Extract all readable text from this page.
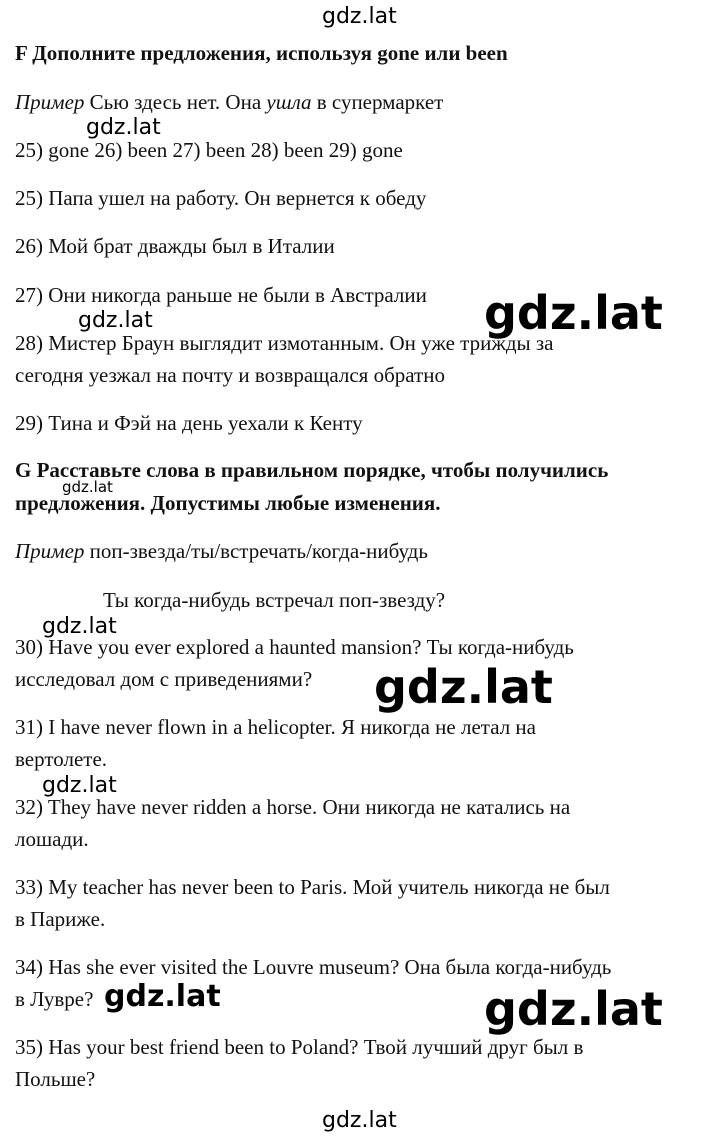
F Дополните предложения, используя gone или been
Пример Сью здесь нет. Она ушла в супермаркет
25) gone 26) been 27) been 28) been 29) gone
25) Папа ушел на работу. Он вернется к обеду
26) Мой брат дважды был в Италии
27) Они никогда раньше не были в Австралии
28) Мистер Браун выглядит измотанным. Он уже трижды за
сегодня уезжал на почту и возвращался обратно
29) Тина и Фэй на день уехали к Кенту
G Расставьте слова в правильном порядке, чтобы получились
предложения. Допустимы любые изменения.
Пример поп-звезда/ты/встречать/когда-нибудь
Ты когда-нибудь встречал поп-звезду?
30) Have you ever explored a haunted mansion? Ты когда-нибудь
исследовал дом с приведениями?
31) I have never flown in a helicopter. Я никогда не летал на
вертолете.
32) They have never ridden a horse. Они никогда не катались на
лошади.
33) My teacher has never been to Paris. Мой учитель никогда не был
в Париже.
34) Has she ever visited the Louvre museum? Она была когда-нибудь
в Лувре?
35) Has your best friend been to Poland? Твой лучший друг был в
Польше?
gdz.lat
gdz.lat
gdz.lat
gdz.lat
gdz.lat
gdz.lat
gdz.lat
gdz.lat
gdz.lat	gdz.lat
gdz.lat
